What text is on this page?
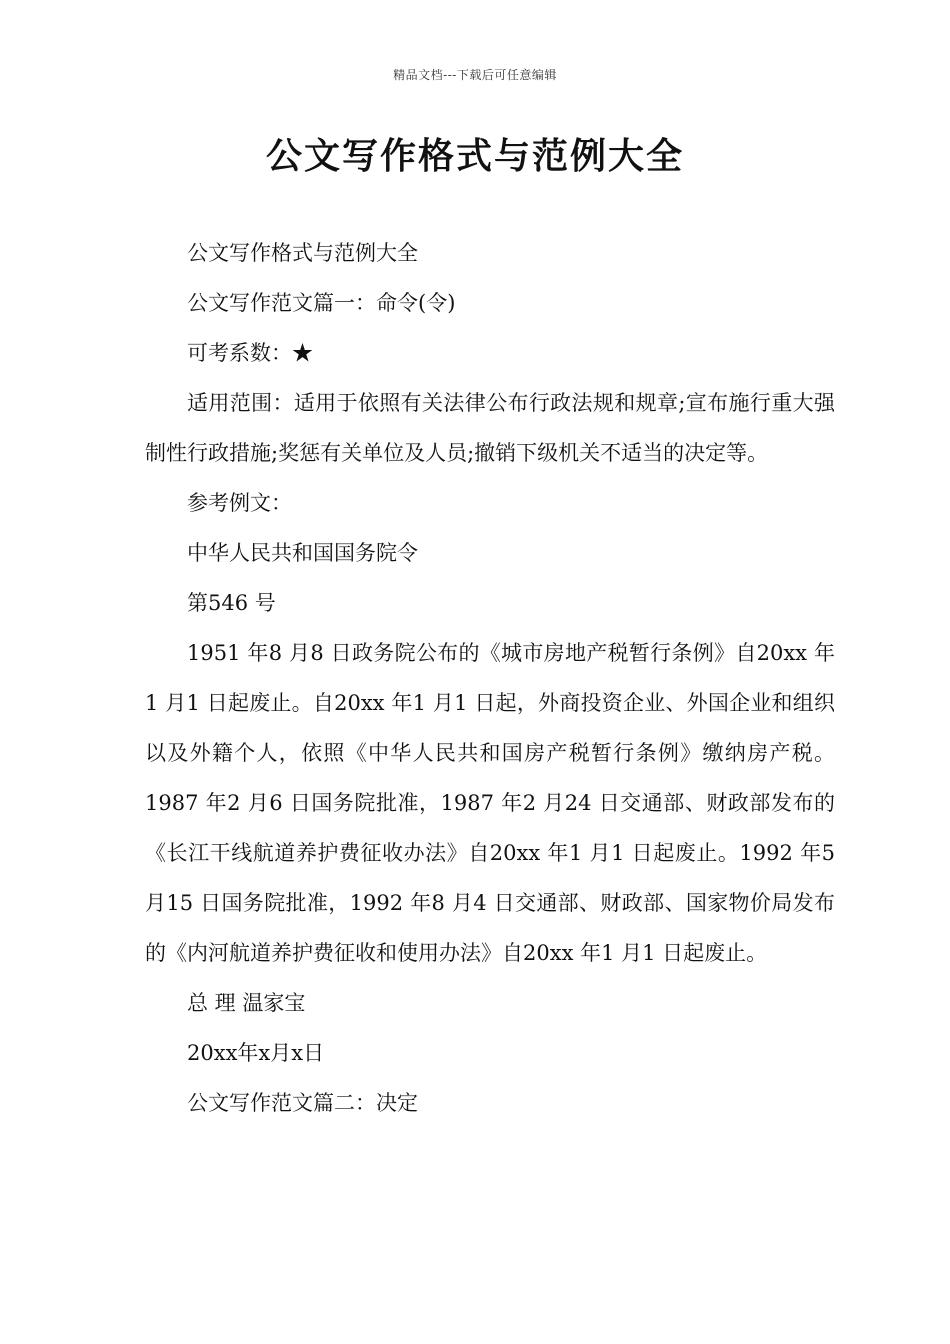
精品文档---下载后可任意编辑
公文写作格式与范例大全

公文写作格式与范例大全

公文写作范文篇一：命令(令)

可考系数：★

适用范围：适用于依照有关法律公布行政法规和规章;宣布施行重大强制性行政措施;奖惩有关单位及人员;撤销下级机关不适当的决定等。

参考例文：

中华人民共和国国务院令

第546 号

1951 年8 月8 日政务院公布的《城市房地产税暂行条例》自20xx 年1 月1 日起废止。自20xx 年1 月1 日起，外商投资企业、外国企业和组织以及外籍个人，依照《中华人民共和国房产税暂行条例》缴纳房产税。1987 年2 月6 日国务院批准，1987 年2 月24 日交通部、财政部发布的《长江干线航道养护费征收办法》自20xx 年1 月1 日起废止。1992 年5 月15 日国务院批准，1992 年8 月4 日交通部、财政部、国家物价局发布的《内河航道养护费征收和使用办法》自20xx 年1 月1 日起废止。

总 理 温家宝

20xx年x月x日

公文写作范文篇二：决定
